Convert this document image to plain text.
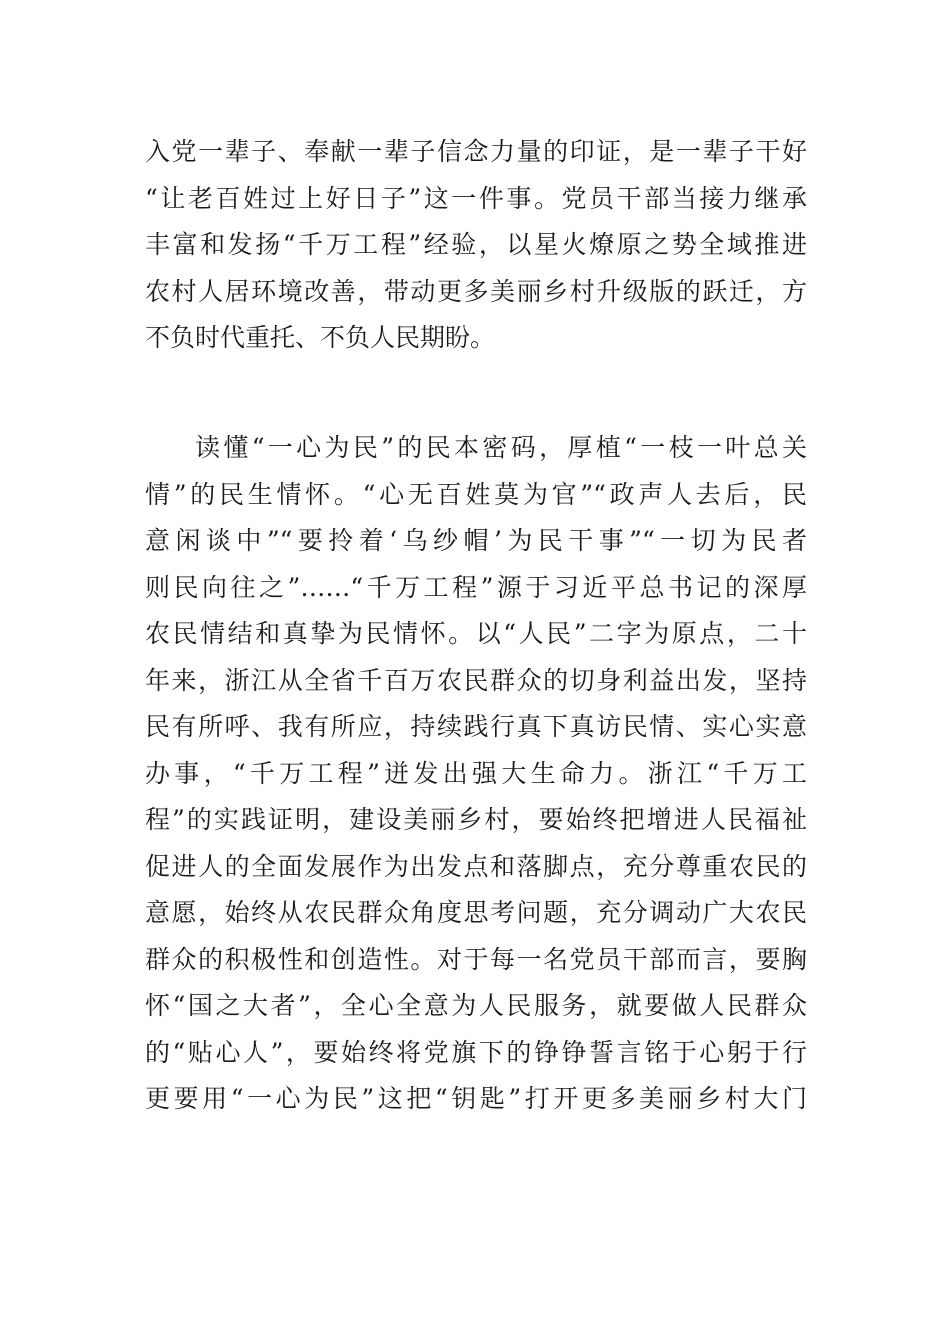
入党一辈子、奉献一辈子信念力量的印证，是一辈子干好
“让老百姓过上好日子”这一件事。党员干部当接力继承
丰富和发扬“千万工程”经验，以星火燎原之势全域推进
农村人居环境改善，带动更多美丽乡村升级版的跃迁，方
不负时代重托、不负人民期盼。
读懂“一心为民”的民本密码，厚植“一枝一叶总关
情”的民生情怀。“心无百姓莫为官”“政声人去后，民
意闲谈中”“要拎着‘乌纱帽’为民干事”“一切为民者
则民向往之”……“千万工程”源于习近平总书记的深厚
农民情结和真挚为民情怀。以“人民”二字为原点，二十
年来，浙江从全省千百万农民群众的切身利益出发，坚持
民有所呼、我有所应，持续践行真下真访民情、实心实意
办事，“千万工程”迸发出强大生命力。浙江“千万工
程”的实践证明，建设美丽乡村，要始终把增进人民福祉
促进人的全面发展作为出发点和落脚点，充分尊重农民的
意愿，始终从农民群众角度思考问题，充分调动广大农民
群众的积极性和创造性。对于每一名党员干部而言，要胸
怀“国之大者”，全心全意为人民服务，就要做人民群众
的“贴心人”，要始终将党旗下的铮铮誓言铭于心躬于行
更要用“一心为民”这把“钥匙”打开更多美丽乡村大门
